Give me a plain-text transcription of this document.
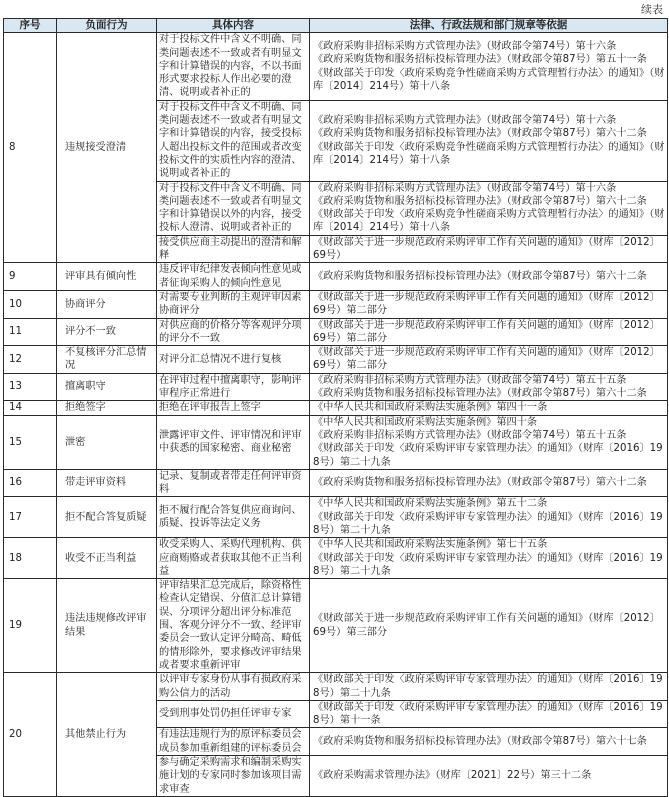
续表
序号	负面行为	具体内容	法律、行政法规和部门规章等依据
8	违规接受澄清	对于投标文件中含义不明确、同类问题表述不一致或者有明显文字和计算错误的内容，不以书面形式要求投标人作出必要的澄清、说明或者补正的	《政府采购非招标采购方式管理办法》（财政部令第74号）第十六条
《政府采购货物和服务招标投标管理办法》（财政部令第87号）第五十一条
《财政部关于印发〈政府采购竞争性磋商采购方式管理暂行办法〉的通知》（财库〔2014〕214号）第十八条

		对于投标文件中含义不明确、同类问题表述不一致或者有明显文字和计算错误的内容，接受投标人超出投标文件的范围或者改变投标文件的实质性内容的澄清、说明或者补正的	《政府采购非招标采购方式管理办法》（财政部令第74号）第十六条
《政府采购货物和服务招标投标管理办法》（财政部令第87号）第六十二条
《财政部关于印发〈政府采购竞争性磋商采购方式管理暂行办法〉的通知》（财库〔2014〕214号）第十八条

		对于投标文件中含义不明确、同类问题表述不一致或者有明显文字和计算错误以外的内容，接受投标人澄清、说明或者补正的	《政府采购非招标采购方式管理办法》（财政部令第74号）第十六条
《政府采购货物和服务招标投标管理办法》（财政部令第87号）第六十二条
《财政部关于印发〈政府采购竞争性磋商采购方式管理暂行办法〉的通知》（财库〔2014〕214号）第十八条

		接受供应商主动提出的澄清和解释	《财政部关于进一步规范政府采购评审工作有关问题的通知》（财库〔2012〕69号）

9	评审具有倾向性	违反评审纪律发表倾向性意见或者征询采购人的倾向性意见	《政府采购货物和服务招标投标管理办法》（财政部令第87号）第六十二条

10	协商评分	对需要专业判断的主观评审因素协商评分	《财政部关于进一步规范政府采购评审工作有关问题的通知》（财库〔2012〕69号）第二部分

11	评分不一致	对供应商的价格分等客观评分项的评分不一致	《财政部关于进一步规范政府采购评审工作有关问题的通知》（财库〔2012〕69号）第二部分

12	不复核评分汇总情况	对评分汇总情况不进行复核	《财政部关于进一步规范政府采购评审工作有关问题的通知》（财库〔2012〕69号）第二部分

13	擅离职守	在评审过程中擅离职守，影响评审程序正常进行	《政府采购非招标采购方式管理办法》（财政部令第74号）第五十五条
《政府采购货物和服务招标投标管理办法》（财政部令第87号）第六十二条

14	拒绝签字	拒绝在评审报告上签字	《中华人民共和国政府采购法实施条例》第四十一条

15	泄密	泄露评审文件、评审情况和评审中获悉的国家秘密、商业秘密	《中华人民共和国政府采购法实施条例》第四十条
《政府采购非招标采购方式管理办法》（财政部令第74号）第五十五条
《财政部关于印发〈政府采购评审专家管理办法〉的通知》（财库〔2016〕198号）第二十九条

16	带走评审资料	记录、复制或者带走任何评审资料	《政府采购货物和服务招标投标管理办法》（财政部令第87号）第六十二条

17	拒不配合答复质疑	拒不履行配合答复供应商询问、质疑、投诉等法定义务	《中华人民共和国政府采购法实施条例》第五十二条
《财政部关于印发〈政府采购评审专家管理办法〉的通知》（财库〔2016〕198号）第二十九条

18	收受不正当利益	收受采购人、采购代理机构、供应商贿赂或者获取其他不正当利益	《中华人民共和国政府采购法实施条例》第七十五条
《财政部关于印发〈政府采购评审专家管理办法〉的通知》（财库〔2016〕198号）第二十九条

19	违法违规修改评审结果	评审结果汇总完成后，除资格性检查认定错误、分值汇总计算错误、分项评分超出评分标准范围、客观分评分不一致、经评审委员会一致认定评分畸高、畸低的情形除外，要求修改评审结果或者要求重新评审	《财政部关于进一步规范政府采购评审工作有关问题的通知》（财库〔2012〕69号）第三部分

20	其他禁止行为	以评审专家身份从事有损政府采购公信力的活动	《财政部关于印发〈政府采购评审专家管理办法〉的通知》（财库〔2016〕198号）第二十九条

		受到刑事处罚仍担任评审专家	《财政部关于印发〈政府采购评审专家管理办法〉的通知》（财库〔2016〕198号）第十一条

		有违法违规行为的原评标委员会成员参加重新组建的评标委员会	《政府采购货物和服务招标投标管理办法》（财政部令第87号）第六十七条

		参与确定采购需求和编制采购实施计划的专家同时参加该项目需求审查	《政府采购需求管理办法》（财库〔2021〕22号）第三十二条
